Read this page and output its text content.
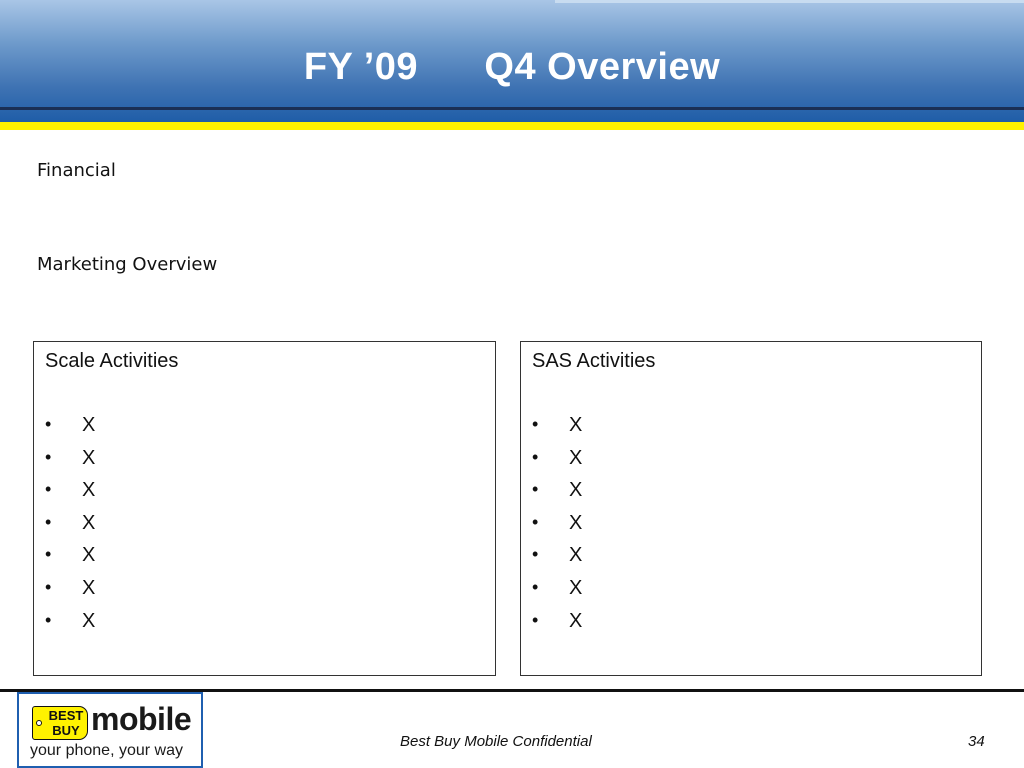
FY ’09      Q4 Overview
Financial
Marketing Overview
Scale Activities
•	X
•	X
•	X
•	X
•	X
•	X
•	X
SAS Activities
•	X
•	X
•	X
•	X
•	X
•	X
•	X
BEST
BUY mobile
your phone, your way
Best Buy Mobile Confidential	34
